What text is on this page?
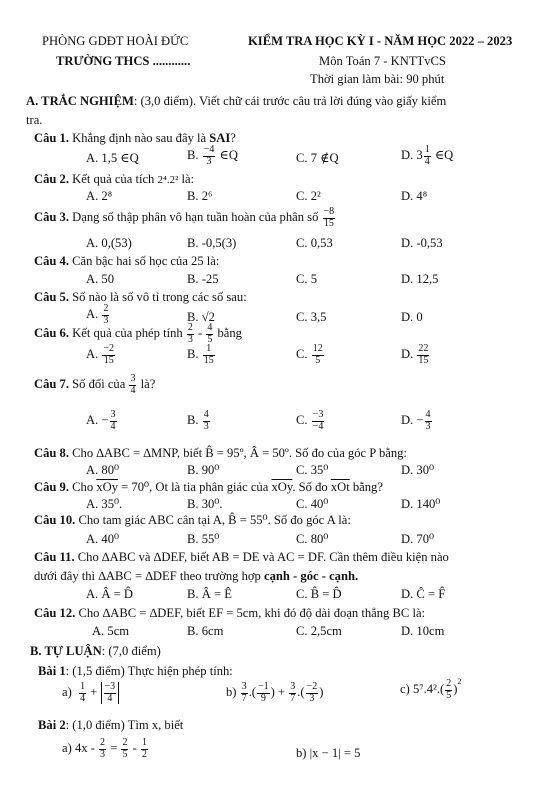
PHÒNG GDĐT HOÀI ĐỨC	KIỂM TRA HỌC KỲ I - NĂM HỌC 2022 – 2023
TRƯỜNG THCS ............	Môn Toán 7 - KNTTvCS
Thời gian làm bài: 90 phút
A. TRẮC NGHIỆM: (3,0 điểm). Viết chữ cái trước câu trả lời đúng vào giấy kiểm
tra.
Câu 1. Khẳng định nào sau đây là SAI?
A. 1,5 ∈Q	B. $\frac{-4}{3}$ ∈Q	C. 7 ∉Q	D. $3 \frac{1}{4}$ ∈Q
Câu 2. Kết quả của tích 2⁴.2² là:
A. 2⁸	B. 2⁶	C. 2²	D. 4⁸
Câu 3. Dạng số thập phân vô hạn tuần hoàn của phân số $\frac{-8}{15}$
A. 0,(53)	B. -0,5(3)	C. 0,53	D. -0,53
Câu 4. Căn bậc hai số học của 25 là:
A. 50	B. -25	C. 5	D. 12,5
Câu 5. Số nào là số vô tỉ trong các số sau:
A. $\frac{2}{3}$	B. √2	C. 3,5	D. 0
Câu 6. Kết quả của phép tính $\frac{2}{3} - \frac{4}{5}$ bằng
A. $\frac{-2}{15}$	B. $\frac{1}{15}$	C. $\frac{12}{5}$	D. $\frac{22}{15}$
Câu 7. Số đối của $\frac{3}{4}$ là?
A. − $\frac{3}{4}$	B. $\frac{4}{3}$	C. $\frac{-3}{-4}$	D. − $\frac{4}{3}$
Câu 8. Cho ∆ABC = ∆MNP, biết B̂ = 95º, Â = 50º. Số đo của góc P bằng:
A. 80⁰	B. 90⁰	C. 35⁰	D. 30⁰
Câu 9. Cho $\overline{xOy} = 70^0$, Ot là tia phân giác của $\overline{xOy}$. Số đo $\overline{xOt}$ bằng?
A. 35⁰.	B. 30⁰.	C. 40⁰	D. 140⁰
Câu 10. Cho tam giác ABC cân tại A, B̂ = 55⁰. Số đo góc A là:
A. 40⁰	B. 55⁰	C. 80⁰	D. 70⁰
Câu 11. Cho ∆ABC và ∆DEF, biết AB = DE và AC = DF. Cần thêm điều kiện nào
dưới đây thì ∆ABC = ∆DEF theo trường hợp cạnh - góc - cạnh.
A. Â = D̂	B. Â = Ê	C. B̂ = D̂	D. Ĉ = F̂
Câu 12. Cho ∆ABC = ∆DEF, biết EF = 5cm, khi đó độ dài đoạn thẳng BC là:
A. 5cm	B. 6cm	C. 2,5cm	D. 10cm
B. TỰ LUẬN: (7,0 điểm)
Bài 1: (1,5 điểm) Thực hiện phép tính:
$a) \frac{1}{4} + \frac{-3}{4}$	$b) \frac{3}{7}$ .( $\frac{-1}{9}$ ) + $\frac{3}{7}$ .( $\frac{-2}{3}$ )	c) $5^7.4^2.( \frac{2}{5} )^2$
Bài 2: (1,0 điểm) Tìm x, biết
a) $4x - \frac{2}{3} = \frac{2}{5} - \frac{1}{2}$	b) |x − 1| = 5
